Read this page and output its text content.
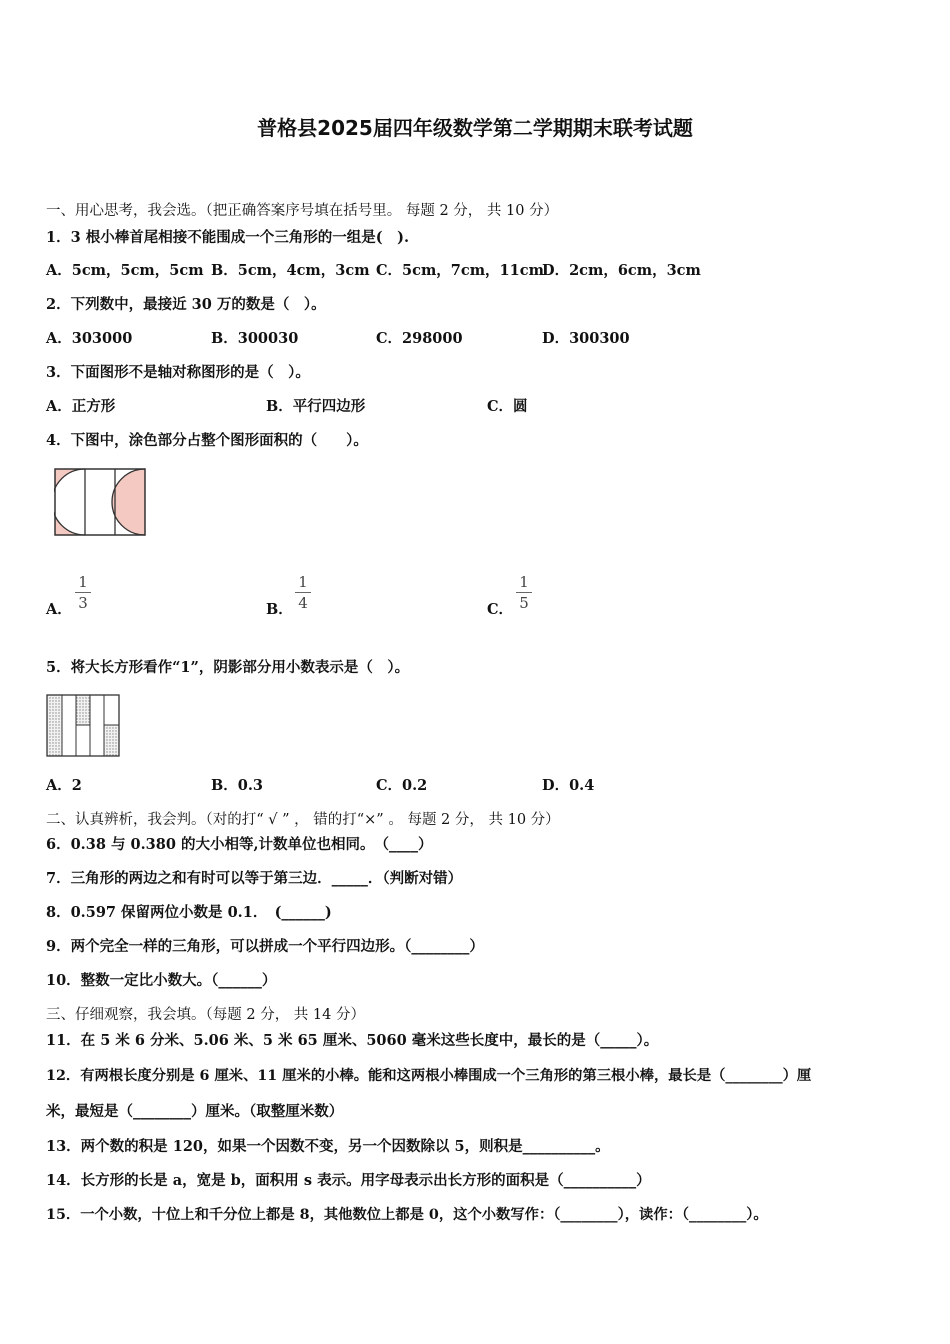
普格县2025届四年级数学第二学期期末联考试题
一、用心思考，我会选。（把正确答案序号填在括号里。 每题 2 分， 共 10 分）
1．3 根小棒首尾相接不能围成一个三角形的一组是(　).
A．5cm，5cm，5cm B．5cm，4cm，3cm C．5cm，7cm，11cm
D．2cm，6cm，3cm
2．下列数中，最接近 30 万的数是（　）。
A．303000	B．300030	C．298000	D．300300
3．下面图形不是轴对称图形的是（　）。
A．正方形	B．平行四边形	C．圆
4．下图中，涂色部分占整个图形面积的（　　）。
A．
1
3	B．
1
4	C．
1
5
5．将大长方形看作“1”，阴影部分用小数表示是（　）。
A．2	B．0.3	C．0.2	D．0.4
二、认真辨析，我会判。（对的打“ √ ” ， 错的打“×” 。 每题 2 分， 共 10 分）
6．0.38 与 0.380 的大小相等,计数单位也相同。　（____）
7．三角形的两边之和有时可以等于第三边．_____．（判断对错）
8．0.597 保留两位小数是 0.1．　(______)
9．两个完全一样的三角形，可以拼成一个平行四边形。（________）
10．整数一定比小数大。（______）
三、仔细观察，我会填。（每题 2 分， 共 14 分）
11．在 5 米 6 分米、5.06 米、5 米 65 厘米、5060 毫米这些长度中，最长的是（_____）。
12．有两根长度分别是 6 厘米、11 厘米的小棒。能和这两根小棒围成一个三角形的第三根小棒，最长是（________）厘
米，最短是（________）厘米。（取整厘米数）
13．两个数的积是 120，如果一个因数不变，另一个因数除以 5，则积是__________。
14．长方形的长是 a，宽是 b，面积用 s 表示。用字母表示出长方形的面积是（__________）
15．一个小数，十位上和千分位上都是 8，其他数位上都是 0，这个小数写作：（________），读作：（________）。
